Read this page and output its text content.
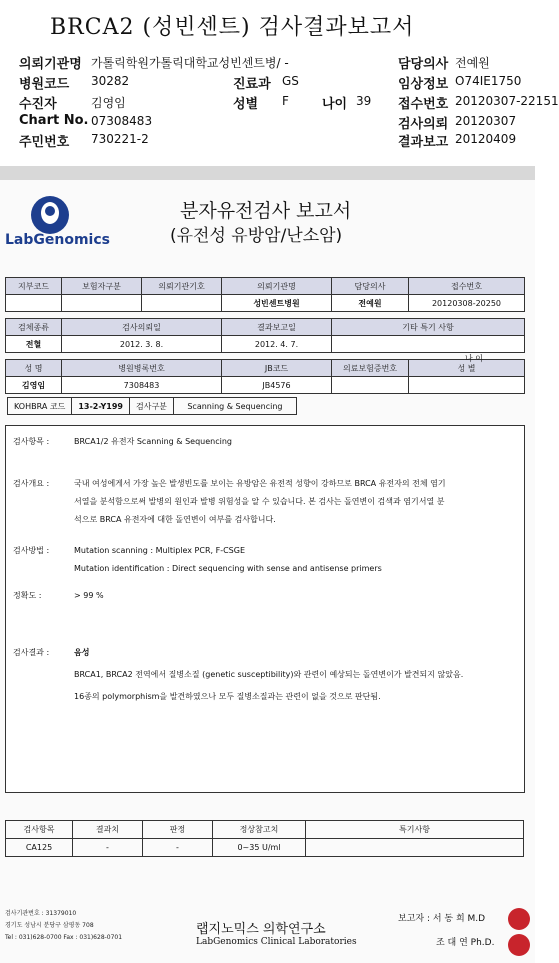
BRCA2 (성빈센트) 검사결과보고서
의뢰기관명 가톨릭학원가톨릭대학교성빈센트병/ -	담당의사 전예원
병원코드 30282	진료과 GS	임상정보 O74IE1750
수진자	김영임	성별 F	나이 39 접수번호 20120307-22151
Chart No. 07308483	검사의뢰 20120307
주민번호 730221-2	결과보고 20120409
LabGenomics
분자유전검사 보고서
(유전성 유방암/난소암)
지부코드	보험자구분	의뢰기관기호	의뢰기관명	담당의사	접수번호
			성빈센트병원	전예원	20120308-20250

검체종류	검사의뢰일		결과보고일	기타 특기 사항	
전혈	2012. 3. 8.		2012. 4. 7.		

성 명	병원병록번호		JB코드	의료보험증번호	성 별
김영임	7308483		JB4576		
나 이
KOHBRA 코드	13-2-Y199	검사구분	Scanning & Sequencing
검사항목 :	BRCA1/2 유전자 Scanning & Sequencing
검사개요 :	국내 여성에게서 가장 높은 발생빈도를 보이는 유방암은 유전적 성향이 강하므로 BRCA 유전자의 전체 염기
서열을 분석함으로써 발병의 원인과 발병 위험성을 알 수 있습니다. 본 검사는 돌연변이 검색과 염기서열 분
석으로 BRCA 유전자에 대한 돌연변이 여부를 검사합니다.
검사방법 :	Mutation scanning : Multiplex PCR, F-CSGE
Mutation identification : Direct sequencing with sense and antisense primers
정확도 :	> 99 %
검사결과 :	음성
BRCA1, BRCA2 전역에서 질병소질 (genetic susceptibility)와 관련이 예상되는 돌연변이가 발견되지 않았음.
16종의 polymorphism을 발견하였으나 모두 질병소질과는 관련이 없을 것으로 판단됨.
검사항목	결과치	판정	정상참고치	특기사항
CA125	-	-	0~35 U/ml	
검사기관번호 : 31379010
경기도 성남시 분당구 삼평동 708
Tel : 031)628-0700 Fax : 031)628-0701
랩지노믹스 의학연구소
LabGenomics Clinical Laboratories
보고자 : 서 동 희 M.D
조 대 연 Ph.D.
